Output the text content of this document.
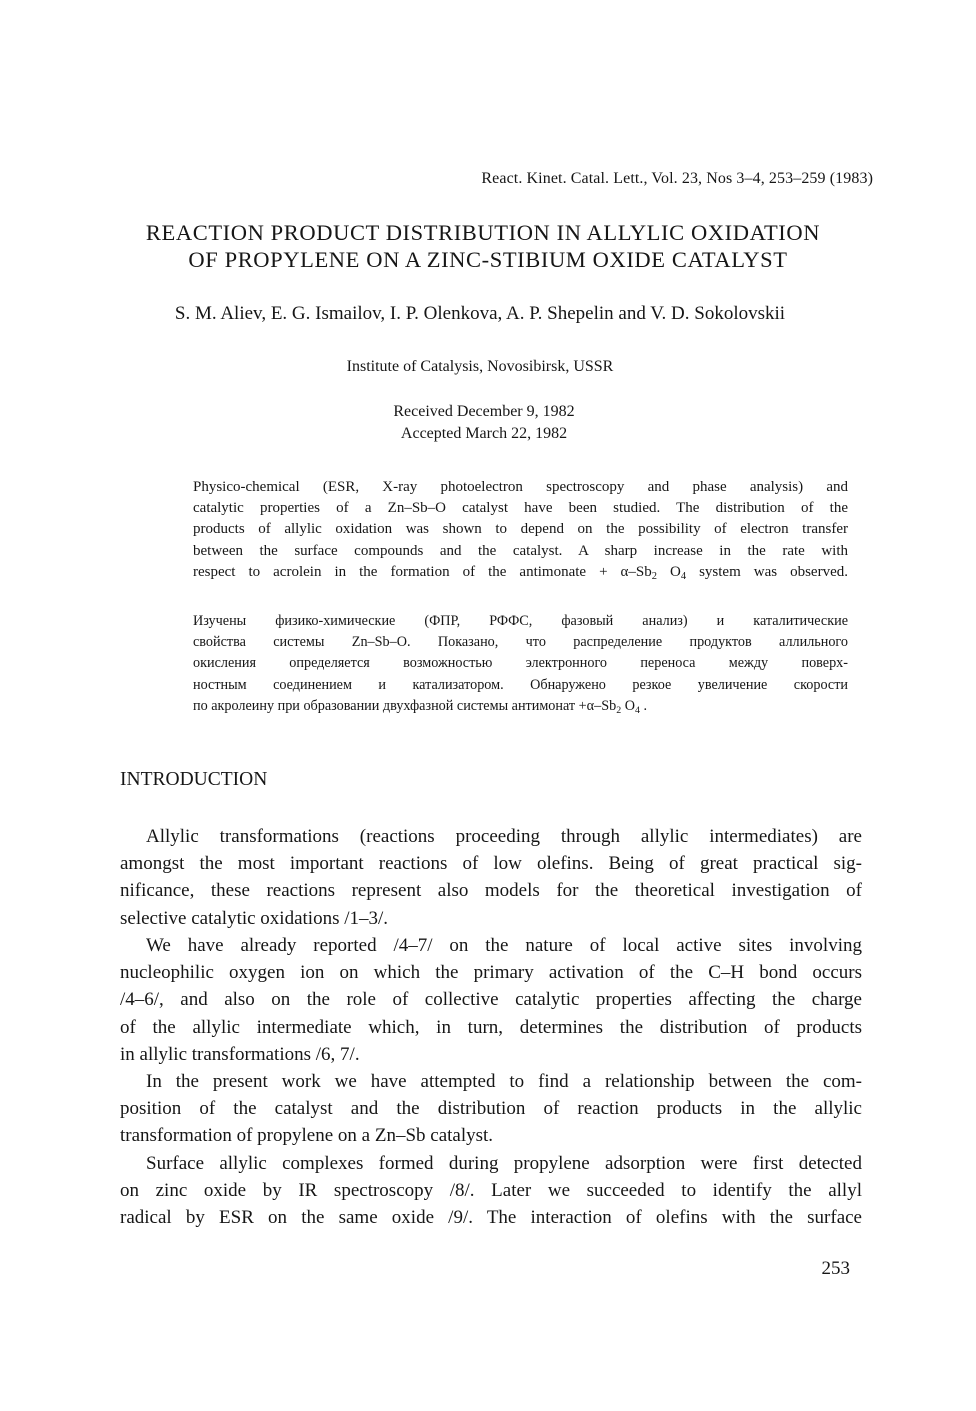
React. Kinet. Catal. Lett., Vol. 23, Nos 3–4, 253–259 (1983)
REACTION PRODUCT DISTRIBUTION IN ALLYLIC OXIDATION
OF PROPYLENE ON A ZINC-STIBIUM OXIDE CATALYST
S. M. Aliev, E. G. Ismailov, I. P. Olenkova, A. P. Shepelin and V. D. Sokolovskii
Institute of Catalysis, Novosibirsk, USSR
Received December 9, 1982
Accepted March 22, 1982
Physico-chemical (ESR, X-ray photoelectron spectroscopy and phase analysis) and
catalytic properties of a Zn–Sb–O catalyst have been studied. The distribution of the
products of allylic oxidation was shown to depend on the possibility of electron transfer
between the surface compounds and the catalyst. A sharp increase in the rate with
respect to acrolein in the formation of the antimonate + $\alpha-Sb_2$ $O_4$ system was observed.
Изучены физико-химические (ФПР, РФФС, фазовый анализ) и каталитические
свойства системы Zn–Sb–O. Показано, что распределение продуктов аллильного
окисления определяется возможностью электронного переноса между поверх-
ностным соединением и катализатором. Обнаружено резкое увеличение скорости
по акролеину при образовании двухфазной системы антимонат $+\alpha-Sb_2$ $O_4$ .
INTRODUCTION
Allylic transformations (reactions proceeding through allylic intermediates) are
amongst the most important reactions of low olefins. Being of great practical sig-
nificance, these reactions represent also models for the theoretical investigation of
selective catalytic oxidations /1–3/.
We have already reported /4–7/ on the nature of local active sites involving
nucleophilic oxygen ion on which the primary activation of the C–H bond occurs
/4–6/, and also on the role of collective catalytic properties affecting the charge
of the allylic intermediate which, in turn, determines the distribution of products
in allylic transformations /6, 7/.
In the present work we have attempted to find a relationship between the com-
position of the catalyst and the distribution of reaction products in the allylic
transformation of propylene on a Zn–Sb catalyst.
Surface allylic complexes formed during propylene adsorption were first detected
on zinc oxide by IR spectroscopy /8/. Later we succeeded to identify the allyl
radical by ESR on the same oxide /9/. The interaction of olefins with the surface
253
